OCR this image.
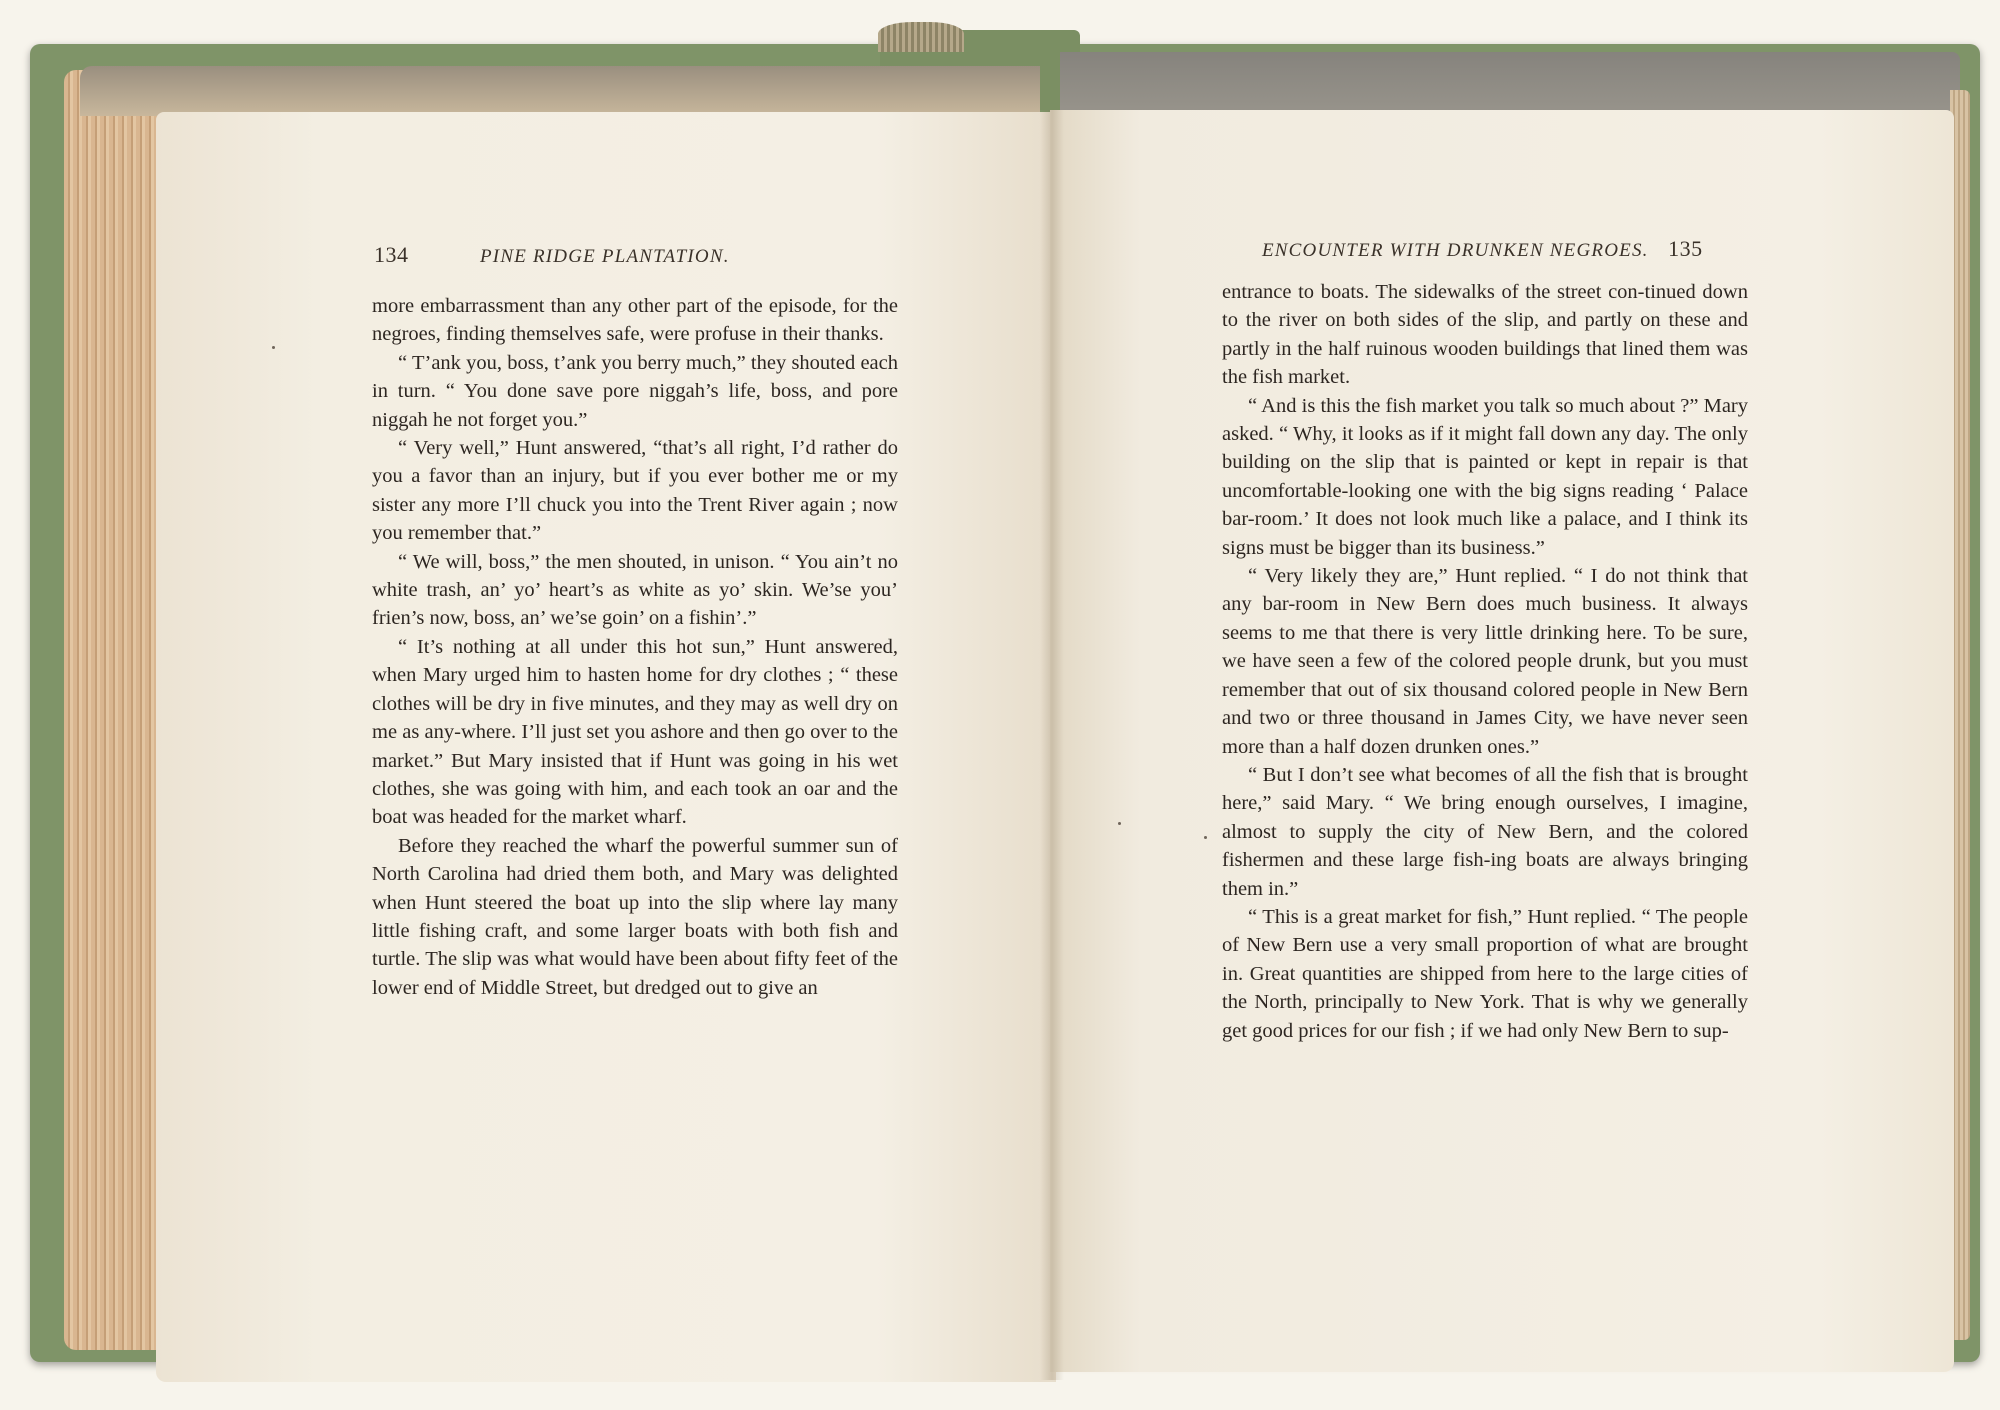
134	PINE RIDGE PLANTATION.

more embarrassment than any other part of the episode, for the negroes, finding themselves safe, were profuse in their thanks.

“ T’ank you, boss, t’ank you berry much,” they shouted each in turn. “ You done save pore niggah’s life, boss, and pore niggah he not forget you.”

“ Very well,” Hunt answered, “that’s all right, I’d rather do you a favor than an injury, but if you ever bother me or my sister any more I’ll chuck you into the Trent River again ; now you remember that.”

“ We will, boss,” the men shouted, in unison. “ You ain’t no white trash, an’ yo’ heart’s as white as yo’ skin. We’se you’ frien’s now, boss, an’ we’se goin’ on a fishin’.”

“ It’s nothing at all under this hot sun,” Hunt answered, when Mary urged him to hasten home for dry clothes ; “ these clothes will be dry in five minutes, and they may as well dry on me as any-where. I’ll just set you ashore and then go over to the market.” But Mary insisted that if Hunt was going in his wet clothes, she was going with him, and each took an oar and the boat was headed for the market wharf.

Before they reached the wharf the powerful summer sun of North Carolina had dried them both, and Mary was delighted when Hunt steered the boat up into the slip where lay many little fishing craft, and some larger boats with both fish and turtle. The slip was what would have been about fifty feet of the lower end of Middle Street, but dredged out to give an

ENCOUNTER WITH DRUNKEN NEGROES. 135

entrance to boats. The sidewalks of the street con-tinued down to the river on both sides of the slip, and partly on these and partly in the half ruinous wooden buildings that lined them was the fish market.

“ And is this the fish market you talk so much about ?” Mary asked. “ Why, it looks as if it might fall down any day. The only building on the slip that is painted or kept in repair is that uncomfortable-looking one with the big signs reading ‘ Palace bar-room.’ It does not look much like a palace, and I think its signs must be bigger than its business.”

“ Very likely they are,” Hunt replied. “ I do not think that any bar-room in New Bern does much business. It always seems to me that there is very little drinking here. To be sure, we have seen a few of the colored people drunk, but you must remember that out of six thousand colored people in New Bern and two or three thousand in James City, we have never seen more than a half dozen drunken ones.”

“ But I don’t see what becomes of all the fish that is brought here,” said Mary. “ We bring enough ourselves, I imagine, almost to supply the city of New Bern, and the colored fishermen and these large fish-ing boats are always bringing them in.”

“ This is a great market for fish,” Hunt replied. “ The people of New Bern use a very small proportion of what are brought in. Great quantities are shipped from here to the large cities of the North, principally to New York. That is why we generally get good prices for our fish ; if we had only New Bern to sup-
